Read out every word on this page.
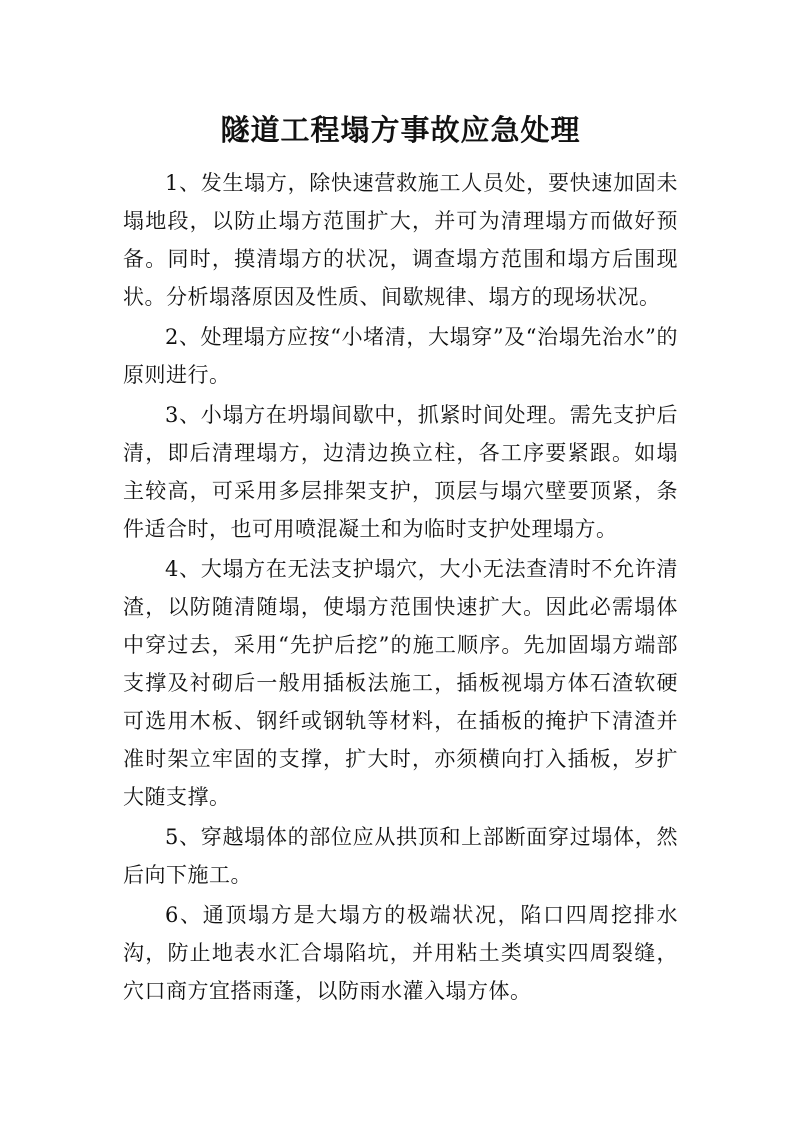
隧道工程塌方事故应急处理

1、发生塌方，除快速营救施工人员处，要快速加固未塌地段，以防止塌方范围扩大，并可为清理塌方而做好预备。同时，摸清塌方的状况，调查塌方范围和塌方后围现状。分析塌落原因及性质、间歇规律、塌方的现场状况。

2、处理塌方应按“小堵清，大塌穿”及“治塌先治水”的原则进行。

3、小塌方在坍塌间歇中，抓紧时间处理。需先支护后清，即后清理塌方，边清边换立柱，各工序要紧跟。如塌主较高，可采用多层排架支护，顶层与塌穴壁要顶紧，条件适合时，也可用喷混凝土和为临时支护处理塌方。

4、大塌方在无法支护塌穴，大小无法查清时不允许清渣，以防随清随塌，使塌方范围快速扩大。因此必需塌体中穿过去，采用“先护后挖”的施工顺序。先加固塌方端部支撑及衬砌后一般用插板法施工，插板视塌方体石渣软硬可选用木板、钢纤或钢轨等材料，在插板的掩护下清渣并准时架立牢固的支撑，扩大时，亦须横向打入插板，岁扩大随支撑。

5、穿越塌体的部位应从拱顶和上部断面穿过塌体，然后向下施工。

6、通顶塌方是大塌方的极端状况，陷口四周挖排水沟，防止地表水汇合塌陷坑，并用粘土类填实四周裂缝，穴口商方宜搭雨蓬，以防雨水灌入塌方体。
